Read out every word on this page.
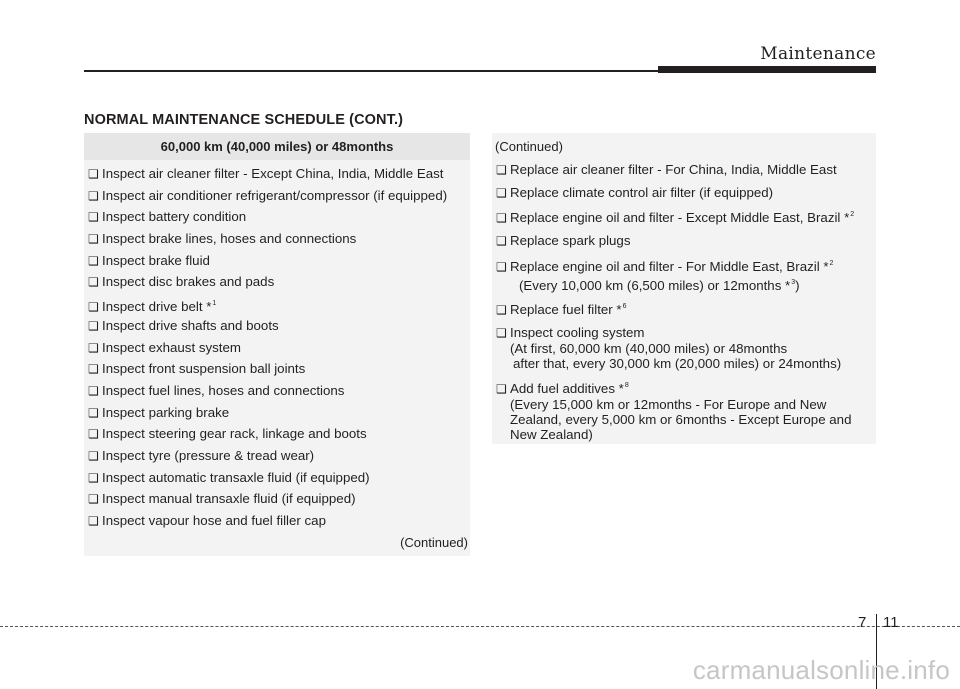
Maintenance
NORMAL MAINTENANCE SCHEDULE (CONT.)
60,000 km (40,000 miles) or 48months
❑ Inspect air cleaner filter - Except China, India, Middle East
❑ Inspect air conditioner refrigerant/compressor (if equipped)
❑ Inspect battery condition
❑ Inspect brake lines, hoses and connections
❑ Inspect brake fluid
❑ Inspect disc brakes and pads
❑ Inspect drive belt *$^1$
❑ Inspect drive shafts and boots
❑ Inspect exhaust system
❑ Inspect front suspension ball joints
❑ Inspect fuel lines, hoses and connections
❑ Inspect parking brake
❑ Inspect steering gear rack, linkage and boots
❑ Inspect tyre (pressure & tread wear)
❑ Inspect automatic transaxle fluid (if equipped)
❑ Inspect manual transaxle fluid (if equipped)
❑ Inspect vapour hose and fuel filler cap
(Continued)
(Continued)
❑ Replace air cleaner filter - For China, India, Middle East
❑ Replace climate control air filter (if equipped)
❑ Replace engine oil and filter - Except Middle East, Brazil *$^2$
❑ Replace spark plugs
❑ Replace engine oil and filter - For Middle East, Brazil *$^2$
(Every 10,000 km (6,500 miles) or 12months *$^3$)
❑ Replace fuel filter *$^6$
❑ Inspect cooling system
(At first, 60,000 km (40,000 miles) or 48months
after that, every 30,000 km (20,000 miles) or 24months)
❑ Add fuel additives *$^8$
(Every 15,000 km or 12months - For Europe and New
Zealand, every 5,000 km or 6months - Except Europe and
New Zealand)
7 11
carmanualsonline.info
